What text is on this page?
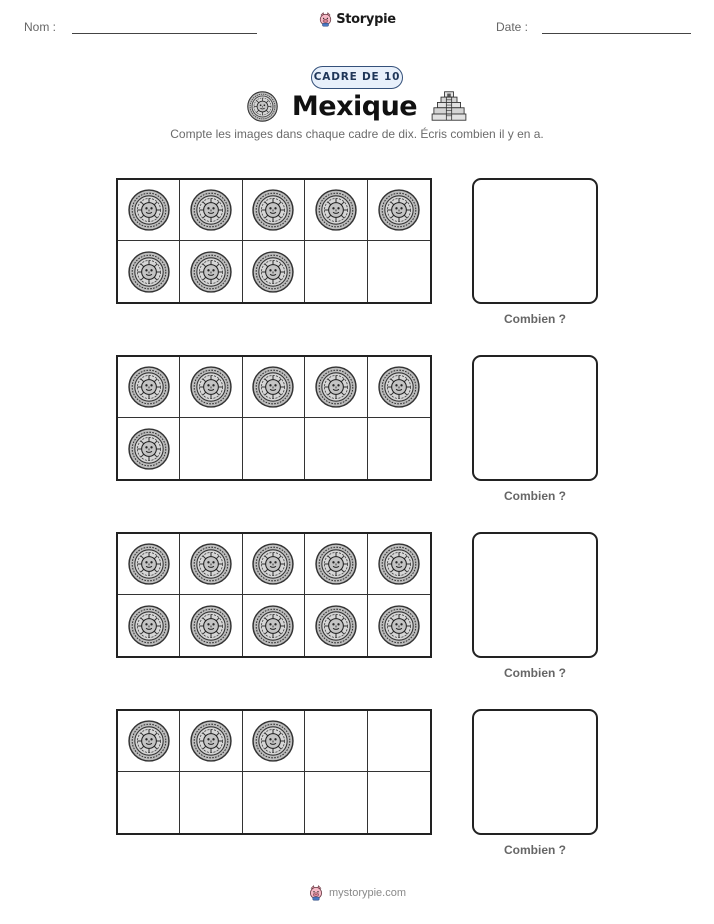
Nom :	Storypie	Date :
CADRE DE 10
Mexique
Compte les images dans chaque cadre de dix. Écris combien il y en a.
Combien ?
Combien ?
Combien ?
Combien ?
mystorypie.com
